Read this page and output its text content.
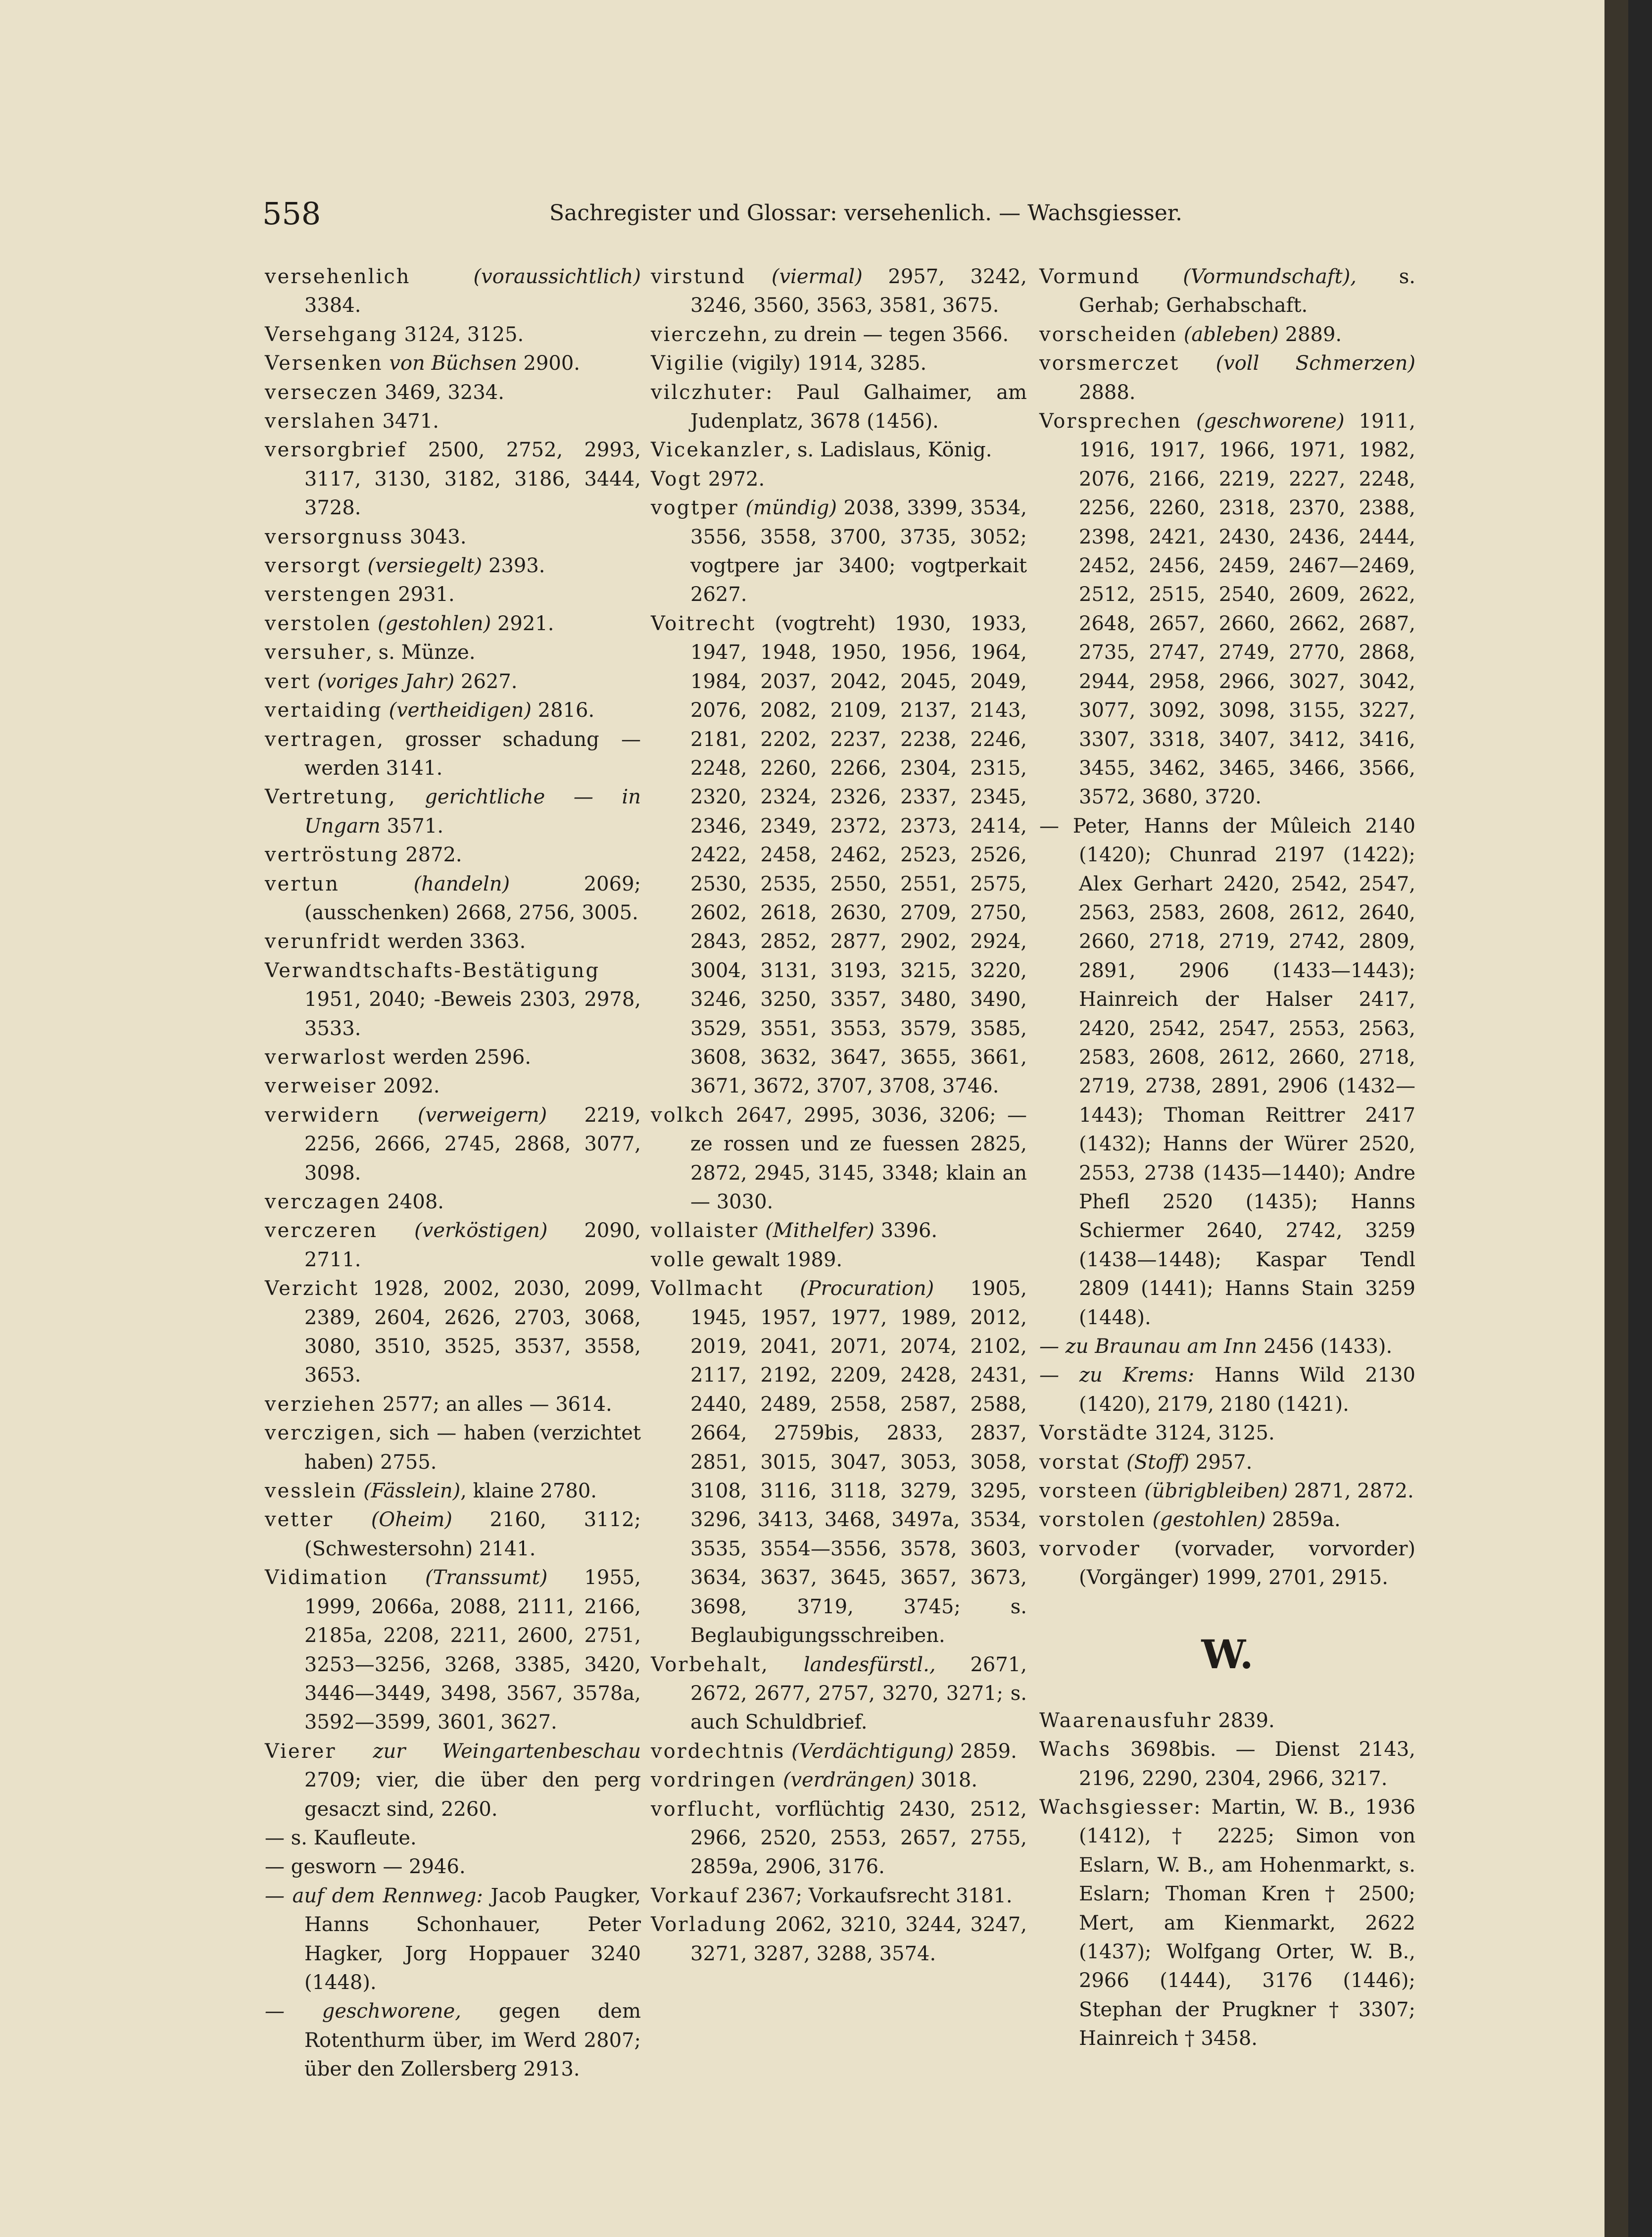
558	Sachregister und Glossar: versehenlich. — Wachsgiesser.
versehenlich	(voraussichtlich) 3384.
Versehgang 3124, 3125.
Versenken von Büchsen 2900.
verseczen 3469, 3234.
verslahen 3471.
versorgbrief 2500, 2752, 2993, 3117, 3130, 3182, 3186, 3444, 3728.
versorgnuss 3043.
versorgt (versiegelt) 2393.
verstengen 2931.
verstolen (gestohlen) 2921.
versuher, s. Münze.
vert (voriges Jahr) 2627.
vertaiding (vertheidigen) 2816.
vertragen, grosser schadung — werden 3141.
Vertretung, gerichtliche — in Ungarn 3571.
vertröstung 2872.
vertun	(handeln) 2069; (ausschenken) 2668, 2756, 3005.
verunfridt werden 3363.
Verwandtschafts-Bestätigung 1951, 2040; -Beweis 2303, 2978, 3533.
verwarlost werden 2596.
verweiser 2092.
verwidern (verweigern) 2219, 2256, 2666, 2745, 2868, 3077, 3098.
verczagen 2408.
verczeren (verköstigen) 2090, 2711.
Verzicht 1928, 2002, 2030, 2099, 2389, 2604, 2626, 2703, 3068, 3080, 3510, 3525, 3537, 3558, 3653.
verziehen 2577; an alles — 3614.
verczigen, sich — haben (verzichtet haben) 2755.
vesslein (Fässlein), klaine 2780.
vetter (Oheim) 2160, 3112; (Schwestersohn) 2141.
Vidimation (Transsumt) 1955, 1999, 2066a, 2088, 2111, 2166, 2185a, 2208, 2211, 2600, 2751, 3253—3256, 3268, 3385, 3420, 3446—3449, 3498, 3567, 3578a, 3592—3599, 3601, 3627.
Vierer zur Weingartenbeschau 2709; vier, die über den perg gesaczt sind, 2260.
— s. Kaufleute.
— gesworn — 2946.
— auf dem Rennweg: Jacob Paugker, Hanns Schonhauer, Peter Hagker, Jorg Hoppauer 3240 (1448).
— geschworene, gegen dem Rotenthurm über, im Werd 2807; über den Zollersberg 2913.
virstund (viermal) 2957, 3242, 3246, 3560, 3563, 3581, 3675.
vierczehn, zu drein — tegen 3566.
Vigilie (vigily) 1914, 3285.
vilczhuter: Paul Galhaimer, am Judenplatz, 3678 (1456).
Vicekanzler, s. Ladislaus, König.
Vogt 2972.
vogtper (mündig) 2038, 3399, 3534, 3556, 3558, 3700, 3735, 3052; vogtpere jar 3400; vogtperkait 2627.
Voitrecht (vogtreht) 1930, 1933, 1947, 1948, 1950, 1956, 1964, 1984, 2037, 2042, 2045, 2049, 2076, 2082, 2109, 2137, 2143, 2181, 2202, 2237, 2238, 2246, 2248, 2260, 2266, 2304, 2315, 2320, 2324, 2326, 2337, 2345, 2346, 2349, 2372, 2373, 2414, 2422, 2458, 2462, 2523, 2526, 2530, 2535, 2550, 2551, 2575, 2602, 2618, 2630, 2709, 2750, 2843, 2852, 2877, 2902, 2924, 3004, 3131, 3193, 3215, 3220, 3246, 3250, 3357, 3480, 3490, 3529, 3551, 3553, 3579, 3585, 3608, 3632, 3647, 3655, 3661, 3671, 3672, 3707, 3708, 3746.
volkch 2647, 2995, 3036, 3206; — ze rossen und ze fuessen 2825, 2872, 2945, 3145, 3348; klain an — 3030.
vollaister (Mithelfer) 3396.
volle gewalt 1989.
Vollmacht (Procuration) 1905, 1945, 1957, 1977, 1989, 2012, 2019, 2041, 2071, 2074, 2102, 2117, 2192, 2209, 2428, 2431, 2440, 2489, 2558, 2587, 2588, 2664, 2759bis, 2833, 2837, 2851, 3015, 3047, 3053, 3058, 3108, 3116, 3118, 3279, 3295, 3296, 3413, 3468, 3497a, 3534, 3535, 3554—3556, 3578, 3603, 3634, 3637, 3645, 3657, 3673, 3698, 3719, 3745; s. Beglaubigungsschreiben.
Vorbehalt, landesfürstl., 2671, 2672, 2677, 2757, 3270, 3271; s. auch Schuldbrief.
vordechtnis (Verdächtigung) 2859.
vordringen (verdrängen) 3018.
vorflucht, vorflüchtig 2430, 2512, 2966, 2520, 2553, 2657, 2755, 2859a, 2906, 3176.
Vorkauf 2367; Vorkaufsrecht 3181.
Vorladung 2062, 3210, 3244, 3247, 3271, 3287, 3288, 3574.
Vormund (Vormundschaft), s. Gerhab; Gerhabschaft.
vorscheiden (ableben) 2889.
vorsmerczet (voll Schmerzen) 2888.
Vorsprechen (geschworene) 1911, 1916, 1917, 1966, 1971, 1982, 2076, 2166, 2219, 2227, 2248, 2256, 2260, 2318, 2370, 2388, 2398, 2421, 2430, 2436, 2444, 2452, 2456, 2459, 2467—2469, 2512, 2515, 2540, 2609, 2622, 2648, 2657, 2660, 2662, 2687, 2735, 2747, 2749, 2770, 2868, 2944, 2958, 2966, 3027, 3042, 3077, 3092, 3098, 3155, 3227, 3307, 3318, 3407, 3412, 3416, 3455, 3462, 3465, 3466, 3566, 3572, 3680, 3720.
— Peter, Hanns der Mûleich 2140 (1420); Chunrad 2197 (1422); Alex Gerhart 2420, 2542, 2547, 2563, 2583, 2608, 2612, 2640, 2660, 2718, 2719, 2742, 2809, 2891, 2906 (1433—1443); Hainreich der Halser 2417, 2420, 2542, 2547, 2553, 2563, 2583, 2608, 2612, 2660, 2718, 2719, 2738, 2891, 2906 (1432—1443); Thoman Reittrer 2417 (1432); Hanns der Würer 2520, 2553, 2738 (1435—1440); Andre Phefl 2520 (1435); Hanns Schiermer 2640, 2742, 3259 (1438—1448); Kaspar Tendl 2809 (1441); Hanns Stain 3259 (1448).
— zu Braunau am Inn 2456 (1433).
— zu Krems: Hanns Wild 2130 (1420), 2179, 2180 (1421).
Vorstädte 3124, 3125.
vorstat (Stoff) 2957.
vorsteen (übrigbleiben) 2871, 2872.
vorstolen (gestohlen) 2859a.
vorvoder (vorvader, vorvorder) (Vorgänger) 1999, 2701, 2915.
W.
Waarenausfuhr 2839.
Wachs 3698bis. — Dienst 2143, 2196, 2290, 2304, 2966, 3217.
Wachsgiesser: Martin, W. B., 1936 (1412), † 2225; Simon von Eslarn, W. B., am Hohenmarkt, s. Eslarn; Thoman Kren † 2500; Mert, am Kienmarkt, 2622 (1437); Wolfgang Orter, W. B., 2966 (1444), 3176 (1446); Stephan der Prugkner † 3307; Hainreich † 3458.
